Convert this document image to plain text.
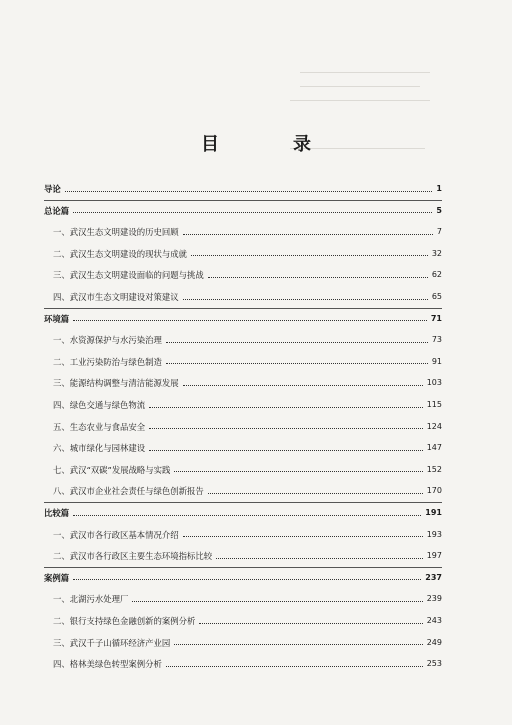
目　录
导论	1
总论篇	5
一、武汉生态文明建设的历史回顾	7
二、武汉生态文明建设的现状与成就	32
三、武汉生态文明建设面临的问题与挑战	62
四、武汉市生态文明建设对策建议	65
环境篇	71
一、水资源保护与水污染治理	73
二、工业污染防治与绿色制造	91
三、能源结构调整与清洁能源发展	103
四、绿色交通与绿色物流	115
五、生态农业与食品安全	124
六、城市绿化与园林建设	147
七、武汉“双碳”发展战略与实践	152
八、武汉市企业社会责任与绿色创新报告	170
比较篇	191
一、武汉市各行政区基本情况介绍	193
二、武汉市各行政区主要生态环境指标比较	197
案例篇	237
一、北湖污水处理厂	239
二、银行支持绿色金融创新的案例分析	243
三、武汉千子山循环经济产业园	249
四、格林美绿色转型案例分析	253
